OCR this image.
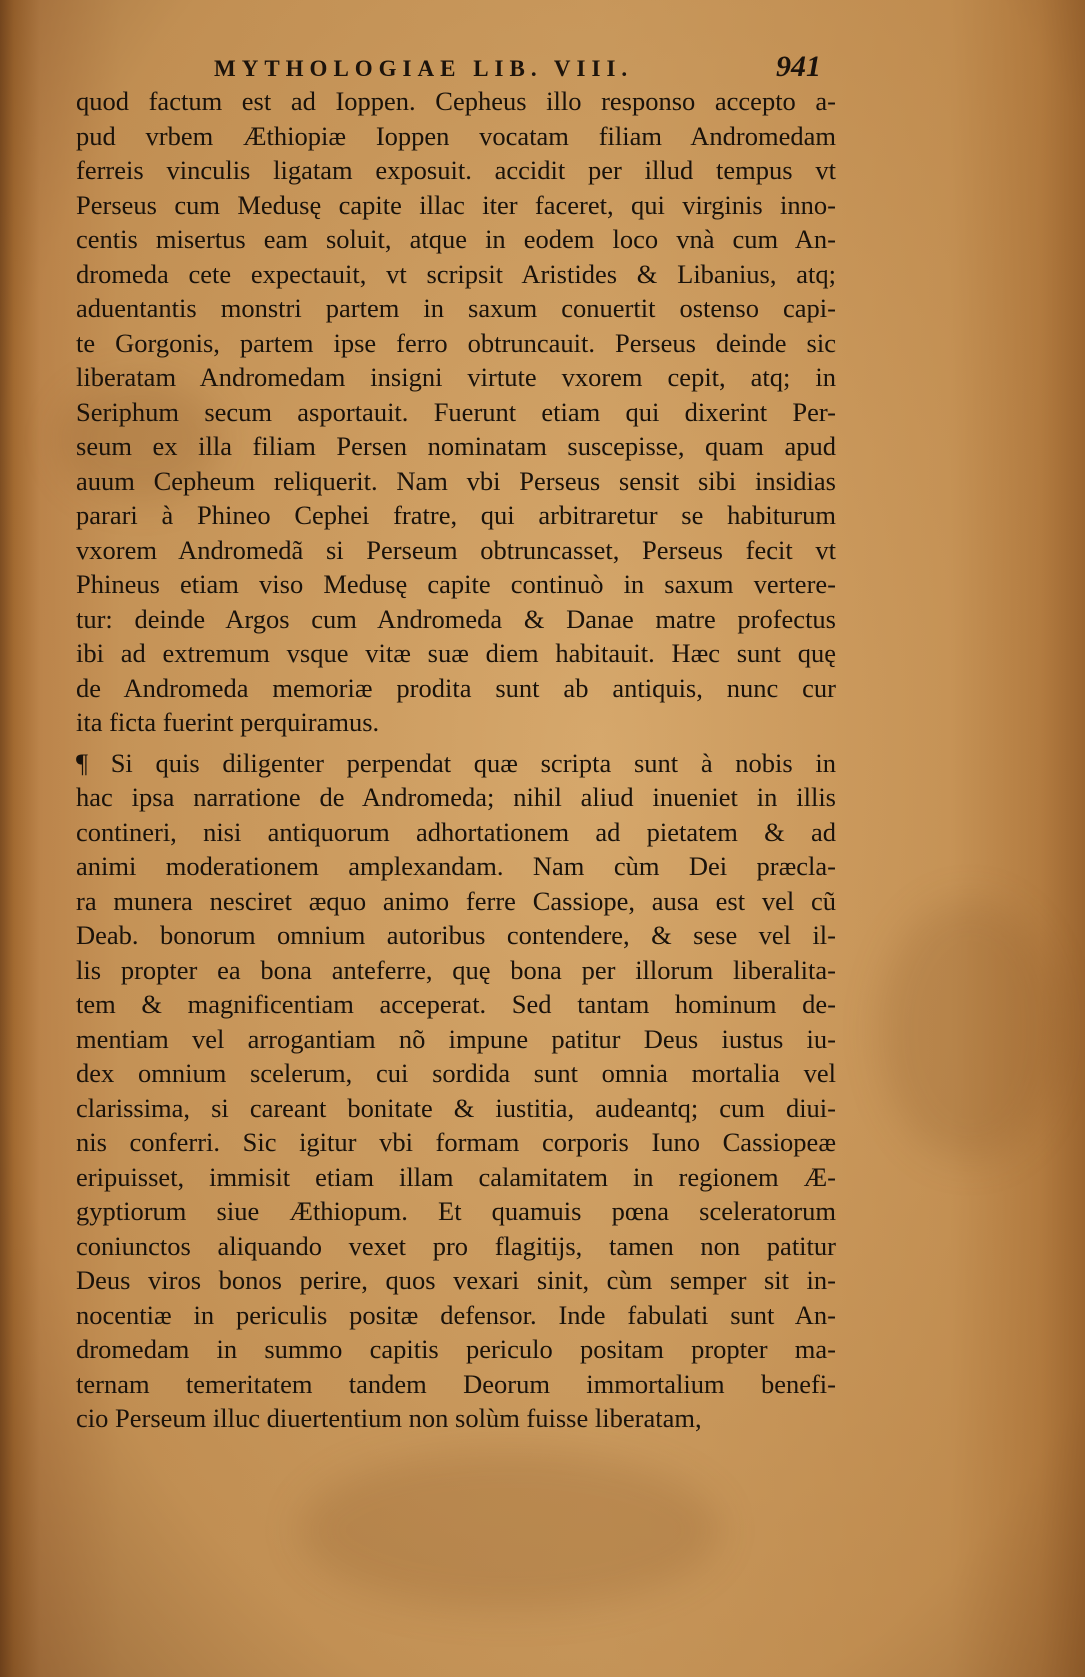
MYTHOLOGIAE LIB. VIII.	941
quod factum est ad Ioppen. Cepheus illo responso accepto a-
pud vrbem Æthiopiæ Ioppen vocatam filiam Andromedam
ferreis vinculis ligatam exposuit. accidit per illud tempus vt
Perseus cum Medusę capite illac iter faceret, qui virginis inno-
centis misertus eam soluit, atque in eodem loco vnà cum An-
dromeda cete expectauit, vt scripsit Aristides & Libanius, atq;
aduentantis monstri partem in saxum conuertit ostenso capi-
te Gorgonis, partem ipse ferro obtruncauit. Perseus deinde sic
liberatam Andromedam insigni virtute vxorem cepit, atq; in
Seriphum secum asportauit. Fuerunt etiam qui dixerint Per-
seum ex illa filiam Persen nominatam suscepisse, quam apud
auum Cepheum reliquerit. Nam vbi Perseus sensit sibi insidias
parari à Phineo Cephei fratre, qui arbitraretur se habiturum
vxorem Andromedã si Perseum obtruncasset, Perseus fecit vt
Phineus etiam viso Medusę capite continuò in saxum vertere-
tur: deinde Argos cum Andromeda & Danae matre profectus
ibi ad extremum vsque vitæ suæ diem habitauit. Hæc sunt quę
de Andromeda memoriæ prodita sunt ab antiquis, nunc cur
ita ficta fuerint perquiramus.
¶ Si quis diligenter perpendat quæ scripta sunt à nobis in
hac ipsa narratione de Andromeda; nihil aliud inueniet in illis
contineri, nisi antiquorum adhortationem ad pietatem & ad
animi moderationem amplexandam. Nam cùm Dei præcla-
ra munera nesciret æquo animo ferre Cassiope, ausa est vel cũ
Deab. bonorum omnium autoribus contendere, & sese vel il-
lis propter ea bona anteferre, quę bona per illorum liberalita-
tem & magnificentiam acceperat. Sed tantam hominum de-
mentiam vel arrogantiam nõ impune patitur Deus iustus iu-
dex omnium scelerum, cui sordida sunt omnia mortalia vel
clarissima, si careant bonitate & iustitia, audeantq; cum diui-
nis conferri. Sic igitur vbi formam corporis Iuno Cassiopeæ
eripuisset, immisit etiam illam calamitatem in regionem Æ-
gyptiorum siue Æthiopum. Et quamuis pœna sceleratorum
coniunctos aliquando vexet pro flagitijs, tamen non patitur
Deus viros bonos perire, quos vexari sinit, cùm semper sit in-
nocentiæ in periculis positæ defensor. Inde fabulati sunt An-
dromedam in summo capitis periculo positam propter ma-
ternam temeritatem tandem Deorum immortalium benefi-
cio Perseum illuc diuertentium non solùm fuisse liberatam,
